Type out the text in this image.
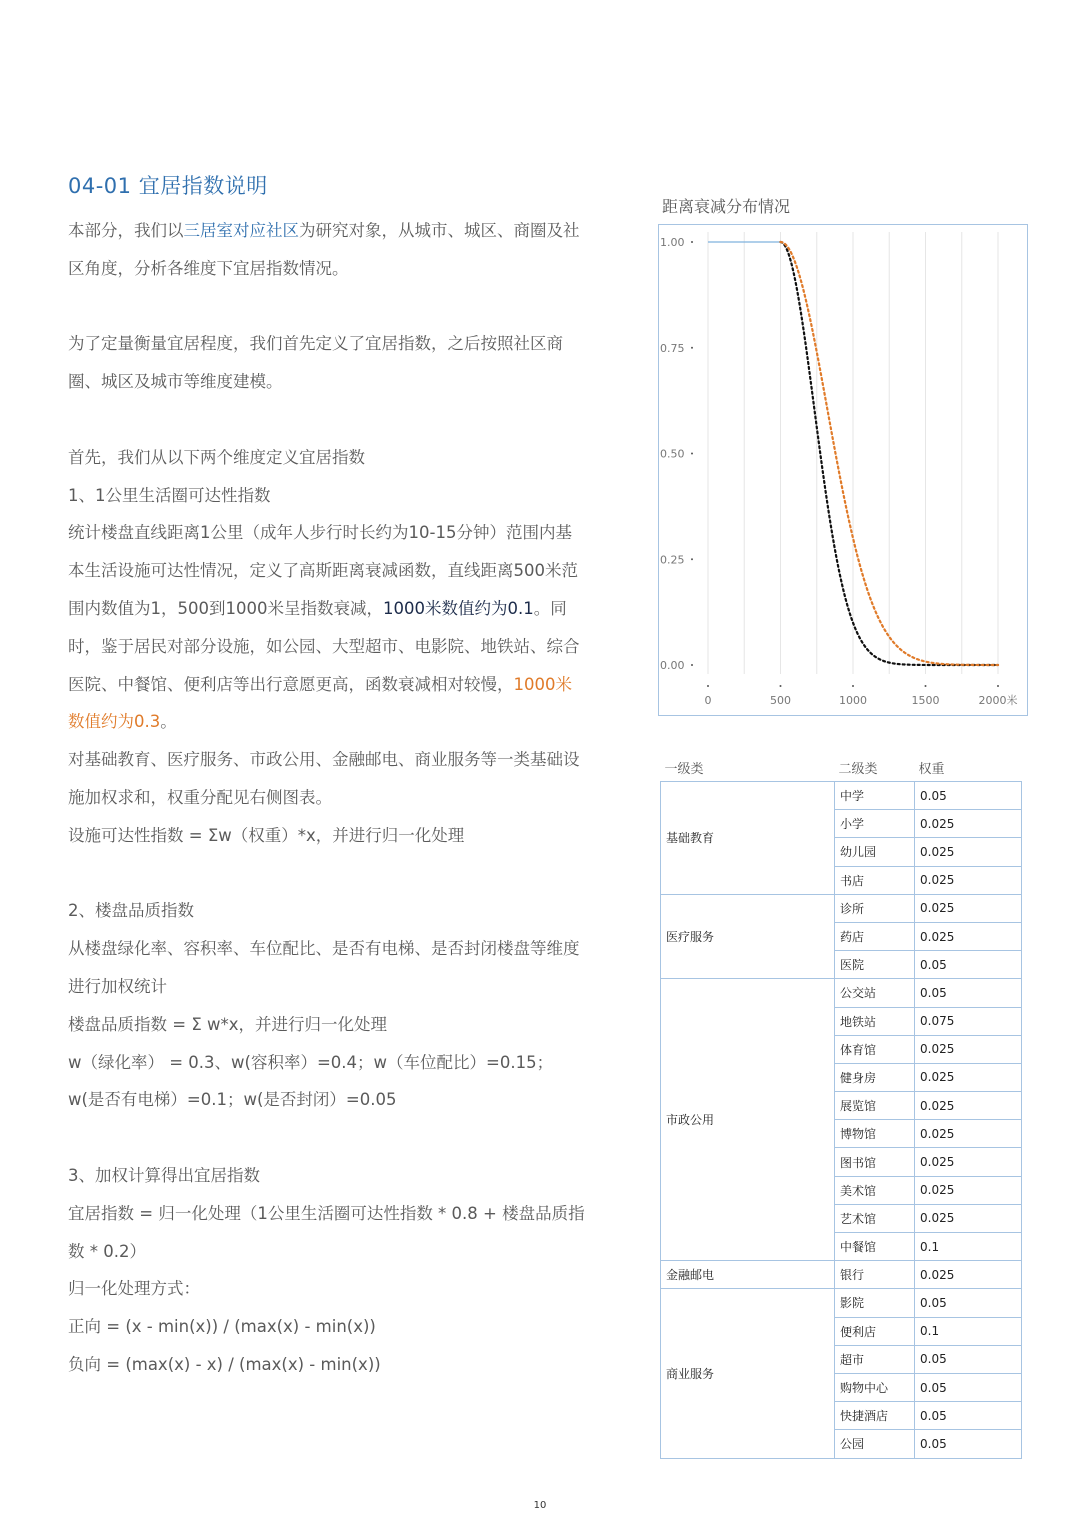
04-01 宜居指数说明

本部分，我们以三居室对应社区为研究对象，从城市、城区、商圈及社区角度，分析各维度下宜居指数情况。

为了定量衡量宜居程度，我们首先定义了宜居指数，之后按照社区商圈、城区及城市等维度建模。

首先，我们从以下两个维度定义宜居指数

1、1公里生活圈可达性指数

统计楼盘直线距离1公里（成年人步行时长约为10-15分钟）范围内基本生活设施可达性情况，定义了高斯距离衰减函数，直线距离500米范围内数值为1，500到1000米呈指数衰减，1000米数值约为0.1。同时，鉴于居民对部分设施，如公园、大型超市、电影院、地铁站、综合医院、中餐馆、便利店等出行意愿更高，函数衰减相对较慢，1000米数值约为0.3。

对基础教育、医疗服务、市政公用、金融邮电、商业服务等一类基础设施加权求和，权重分配见右侧图表。

设施可达性指数 = Σw（权重）*x，并进行归一化处理

2、楼盘品质指数

从楼盘绿化率、容积率、车位配比、是否有电梯、是否封闭楼盘等维度进行加权统计

楼盘品质指数 = Σ w*x，并进行归一化处理

w（绿化率） = 0.3、w(容积率）=0.4；w（车位配比）=0.15；

w(是否有电梯）=0.1；w(是否封闭）=0.05

3、加权计算得出宜居指数

宜居指数 = 归一化处理（1公里生活圈可达性指数 * 0.8 + 楼盘品质指数 * 0.2）

归一化处理方式：

正向 = (x - min(x)) / (max(x) - min(x))

负向 = (max(x) - x) / (max(x) - min(x))

距离衰减分布情况
0.00
0.25
0.50
0.75
1.00
0	500	1000	1500	2000米
一级类	二级类	权重
基础教育	中学	0.05
	小学	0.025
	幼儿园	0.025
	书店	0.025
医疗服务	诊所	0.025
	药店	0.025
	医院	0.05
市政公用	公交站	0.05
	地铁站	0.075
	体育馆	0.025
	健身房	0.025
	展览馆	0.025
	博物馆	0.025
	图书馆	0.025
	美术馆	0.025
	艺术馆	0.025
	中餐馆	0.1
金融邮电	银行	0.025
商业服务	影院	0.05
	便利店	0.1
	超市	0.05
	购物中心	0.05
	快捷酒店	0.05
	公园	0.05
10
